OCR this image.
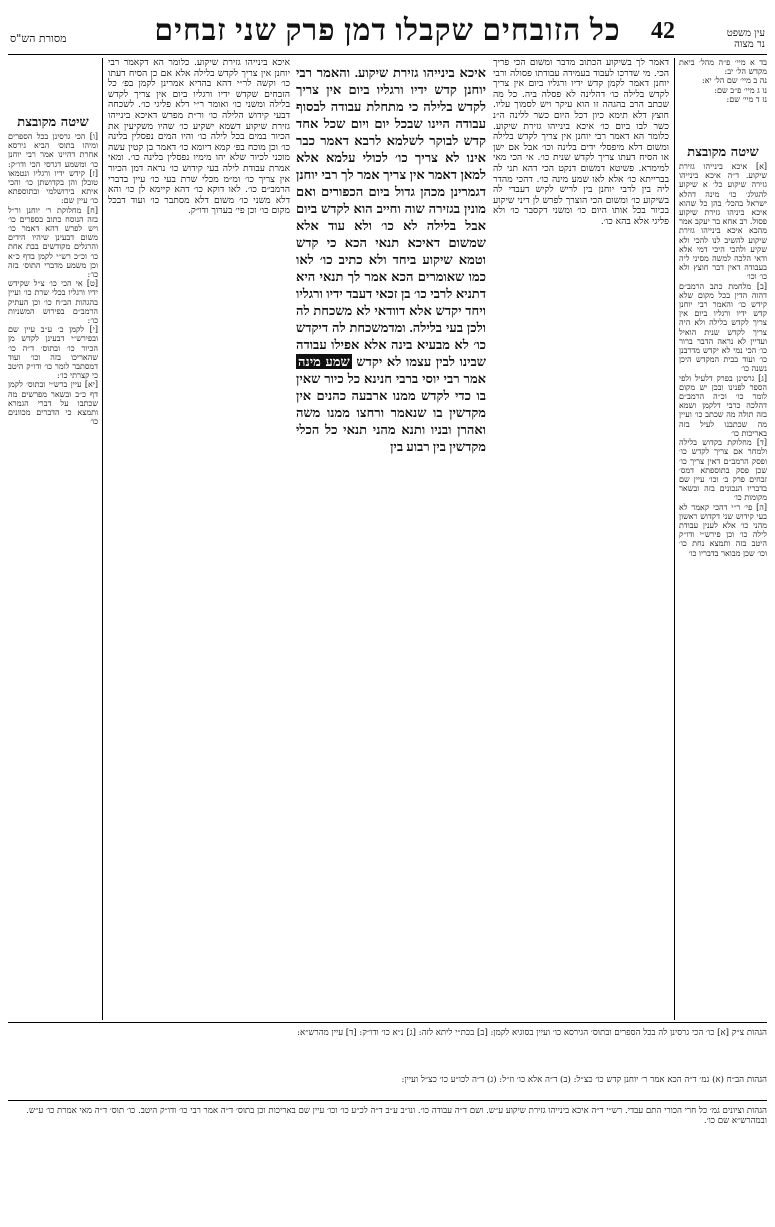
מסורת הש"ס	כל הזובחים שקבלו דמן פרק שני זבחים	42	עין משפט
נר מצוה
בד א מיי׳ פ״ה מהל׳ ביאת מקדש הל׳ יב:
נה ב מיי׳ שם הל׳ יא:
נו ג מיי׳ פ״ב שם:
נז ד מיי׳ שם:
שיטה מקובצת
[א] איכא בינייהו גזירת שיקוע. ד״ה איכא בינייהו גזירה שיקוע כל׳ א שיקוע להגולג׳ כו׳ מינה דהלא ישראל בהכל׳ בהן כל שהוא איכא ביניהו גזירת שיקוע פסול. רב אחא בר יעקב אמר מהכא איכא בינייהו גזירת שיקוע להשיב לנו להכי ולא שקיע ולהכי היכי דמי אלא ודאי הלכה למשה מסיני ליה בעבודה דאין דבר חוצץ ולא כו׳ וכו׳
[ב] מלחמת כתב הרמב״ם דהוה הדין בכל מקום שלא קידש כו׳ והאמר רבי יוחנן קדש ידיו ורגליו ביום אין צריך לקדש בלילה ולא היה צריך לקדש שנית הואיל ועדיין לא נראה הדבר ברור כו׳ הכי נמי לא יקדש מדרבנן כו׳ ועוד בבית המקדש היכן נשנה כו׳
[ג] גרסינן בפרק דלעיל ולפי הספר לפנינו ובכן יש מקום לומר כו׳ וכ״ה הרמב״ם דהלכה כרבי דלקמן ושמא בזה תולה מה שכתב כו׳ ועיין מה שכתבנו לעיל בזה באריכות כו׳
[ד] מחלוקת בקדוש בלילה ולמחר אם צריך לקדש כו׳ ופסק הרמב״ם דאין צריך כו׳ שכן פסק בתוספתא דמס׳ זבחים פרק ב׳ וכו׳ עיין שם בדבריו הנכונים בזה ובשאר מקומות כו׳
[ה] פי׳ ר״י דהכי קאמר לא בעי קידוש שני דקדוש ראשון מהני כו׳ אלא לענין עבודת לילה כו׳ וכן פירש״י ודו״ק היטב בזה ותמצא נחת כו׳ וכו׳ שכן מבואר בדבריו כו׳
שיטה מקובצת
[ו] הכי גרסינן בכל הספרים ומיהו בתוס׳ הביא גירסא אחרת דהיינו אמר רבי יוחנן כו׳ ומשמע דגרסי הכי ודו״ק: [ז] קידש ידיו ורגליו ונטמאו טובלן והן בקדושתן כו׳ והכי איתא בירושלמי ובתוספתא כו׳ עיין שם:
[ח] מחלוקת ר׳ יוחנן ור״ל בזה הנוסח כתוב בספרים כו׳ ויש לפרש דהא דאמר כו׳ משום דבעינן שיהיו הידים והרגלים מקודשים בבת אחת כו׳ וכ״כ רש״י לקמן בדף כ״א וכן משמע מדברי התוס׳ בזה כו׳:
[ט] אי הכי כו׳ צ״ל שקידש ידיו ורגליו בכלי שרת כו׳ ועיין בהגהות הב״ח כו׳ וכן העתיק הרמב״ם בפירוש המשניות כו׳:
[י] לקמן כ׳ ע״ב עיין שם ובפירש״י דבעינן לקדש מן הכיור כו׳ ובתוס׳ ד״ה כו׳ שהאריכו בזה וכו׳ ועוד דמסתבר לומר כו׳ ודו״ק היטב כי קצרתי כו׳:
[יא] עיין ברש״י ובתוס׳ לקמן דף כ״ב ובשאר מפרשים מה שכתבו על דברי הגמרא ותמצא כי הדברים מכוונים כו׳
איכא בינייהו גזירת שיקוע. כלומר הא דקאמר רבי יוחנן אין צריך לקדש בלילה אלא אם כן הסיח דעתו כו׳ וקשה לר״י דהא בהדיא אמרינן לקמן בפ׳ כל הזבחים שקדש ידיו ורגליו ביום אין צריך לקדש בלילה ומשני כו׳ ואומר ר״י דלא פליגי כו׳. לשכחה דבעי קידוש הלילה כו׳ ור״ת מפרש דאיכא בינייהו גזירת שיקוע דשמא ישקיע כו׳ שהיו משקיעין את הכיור במים בכל לילה כו׳ והיו המים נפסלין בלינה כו׳ וכן מוכח בפ׳ קמא דיומא כו׳ דאמר בן קטין עשה מוכני לכיור שלא יהו מימיו נפסלין בלינה כו׳. ומאי אמרת עבודת לילה בעי קידוש כו׳ נראה דמן הכיור אין צריך כו׳ ומ״מ מכלי שרת בעי כו׳ עיין בדברי הרמב״ם כו׳. לאו דוקא כו׳ דהא קיימא לן כו׳ והא דלא משני כו׳ משום דלא מסתבר כו׳ ועוד דבכל מקום כו׳ וכן פי׳ בערוך ודו״ק.
איכא בינייהו גזירת שיקוע. והאמר רבי יוחנן קדש ידיו ורגליו ביום אין צריך לקדש בלילה כי מתחלת עבודה לבסוף עבודה היינו שבכל יום ויום שכל אחד קדש לבוקר לשלמא לרבא דאמר כבר אינו לא צריך כו׳ לכולי עלמא אלא למאן דאמר אין צריך אמר לך רבי יוחנן דגמרינן מכהן גדול ביום הכפורים ואם מונין בגזירה שוה וחייב הוא לקדש ביום אבל בלילה לא כו׳ ולא עוד אלא שמשום דאיכא תנאי הכא כי קדש וטמא שיקוע ביחד ולא כתיב כו׳ לאו כמו שאומרים הכא אמר לך תנאי היא דתניא לרבי כו׳ בן זכאי דעבד ידיו ורגליו ויחד יקדש אלא דוודאי לא משכחת לה ולכן בעי בלילה. ומדמשכחת לה דיקדש כו׳ לא מבעיא בינה אלא אפילו עבודה שבינו לבין עצמו לא יקדש שמע מינה אמר רבי יוסי ברבי חנינא כל כיור שאין בו כדי לקדש ממנו ארבעה כהנים אין מקדשין בו שנאמר ורחצו ממנו משה ואהרן ובניו ותנא מהני תנאי כל הכלי מקדשין בין רבוע בין
דאמר לך בשיקוע הכתוב מדבר ומשום הכי פריך הכי. מי שדרכו לעבוד בעמידה עבודתו פסולה ורבי יוחנן דאמר לקמן קדש ידיו ורגליו ביום אין צריך לקדש בלילה כו׳ דהלינה לא פסלה ביה. כל מה שכתב הרב בהגהה זו הוא עיקר ויש לסמוך עליו. חוצץ דלא תימא כיון דכל היום כשר ללינה ה״נ כשר לבו ביום כו׳ איכא בינייהו גזירת שיקוע. כלומר הא דאמר רבי יוחנן אין צריך לקדש בלילה ומשום דלא מיפסלי ידים בלינה וכו׳ אבל אם ישן או הסיח דעתו צריך לקדש שנית כו׳. אי הכי מאי למימרא. פשיטא דמשום דנקט הכי דהא תני לה בברייתא כו׳ אלא לאו שמע מינה כו׳. דהכי מהדר ליה בין לרבי יוחנן בין לריש לקיש דעבדי לה בשיקוע כו׳ ומשום הכי הוצרך לפרש לן דיני שיקוע בכיור בכל אותו היום כו׳ ומשני דקסבר כו׳ ולא פליגי אלא בהא כו׳.
הגהות צ״ק [א] כו׳ הכי גרסינן לה בכל הספרים ובתוס׳ הגירסא כו׳ ועיין בסוגיא לקמן: [ב] בכת״י ליתא לזה: [ג] נ״א כו׳ ודו״ק: [ד] עיין מהרש״א:
הגהות הב״ח (א) גמ׳ ד״ה הכא אמר ר׳ יוחנן קדש כו׳ כצ״ל: (ב) ד״ה אלא כו׳ וז״ל: (ג) ד״ה לכו״ע כו׳ כצ״ל ועיין:
הגהות וציונים גמ׳ כל חרי הכורי התם עבדי. רש״י ד״ה איכא בינייהו גזירת שיקוע ע״ש. ושם ד״ה עבודה כו׳. ונו״ב ע״ב ד״ה לכ״ע כו׳ וכו׳ עיין שם באריכות וכן בתוס׳ ד״ה אמר רבי כו׳ ודו״ק היטב. כו׳ תוס׳ ד״ה מאי אמרת כו׳ ע״ש. ובמהרש״א שם כו׳.
